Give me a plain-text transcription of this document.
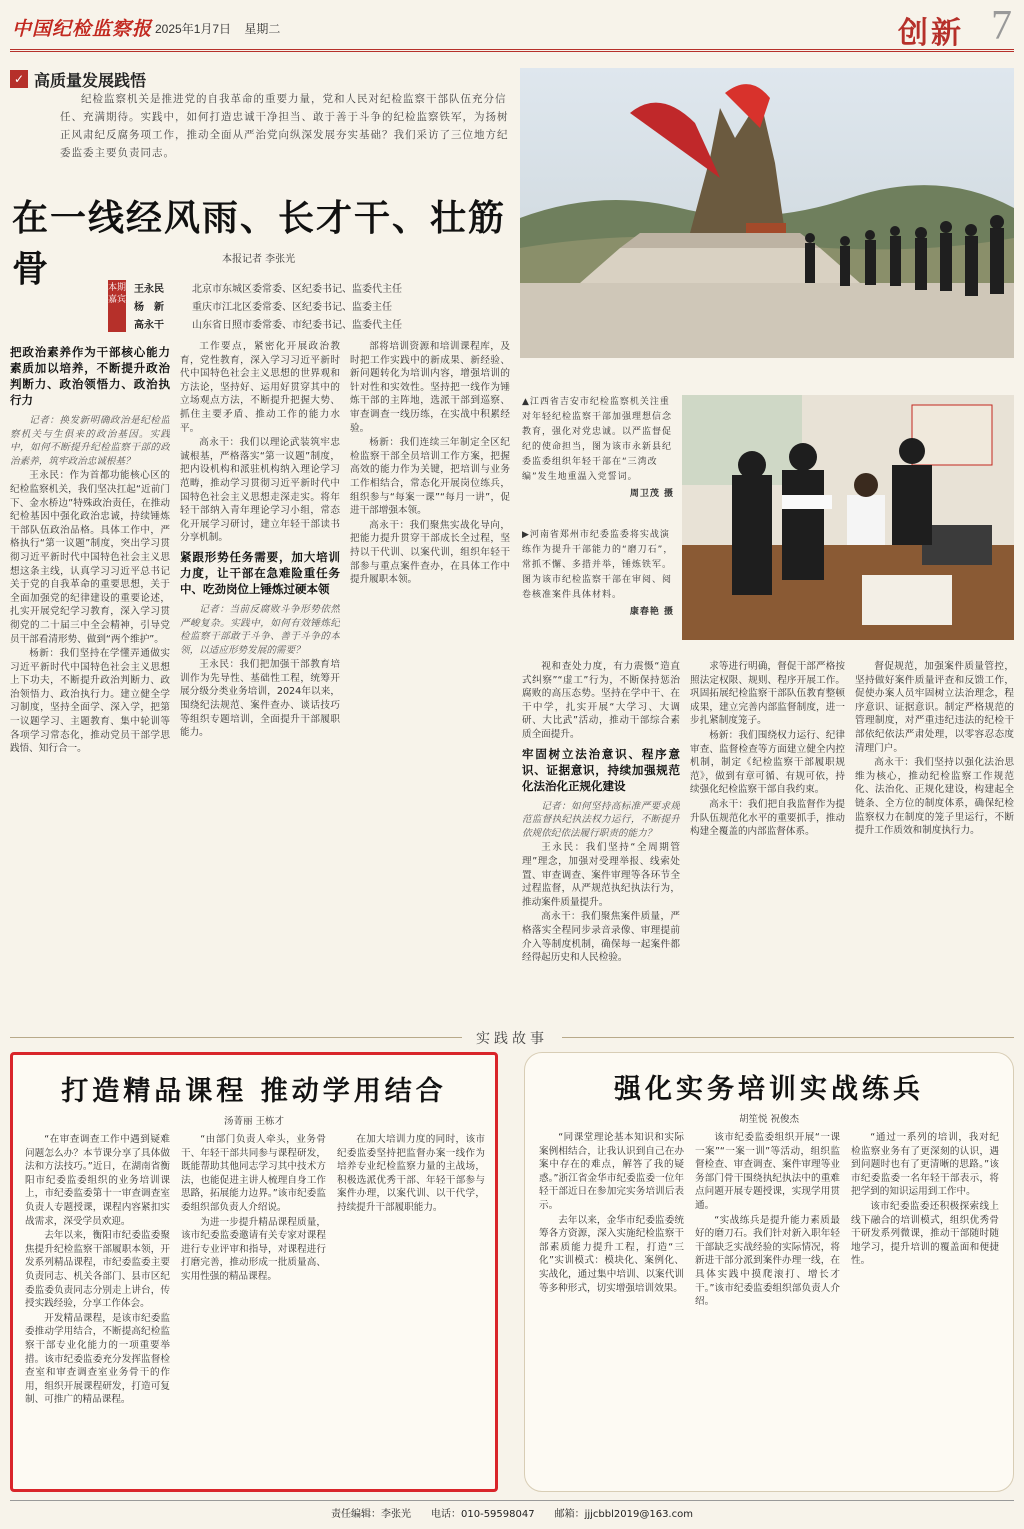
中国纪检监察报 2025年1月7日 星期二	创新 7
✓ 高质量发展践悟
纪检监察机关是推进党的自我革命的重要力量，党和人民对纪检监察干部队伍充分信任、充满期待。实践中，如何打造忠诚干净担当、敢于善于斗争的纪检监察铁军，为扬树正风肃纪反腐务项工作，推动全面从严治党向纵深发展夯实基础？我们采访了三位地方纪委监委主要负责同志。
在一线经风雨、长才干、壮筋骨	本报记者 李张光
本期嘉宾
王永民	北京市东城区委常委、区纪委书记、监委代主任
杨　新	重庆市江北区委常委、区纪委书记、监委主任
高永干	山东省日照市委常委、市纪委书记、监委代主任
▲江西省吉安市纪检监察机关注重对年轻纪检监察干部加强理想信念教育，强化对党忠诚。以严监督促纪的使命担当，图为该市永新县纪委监委组织年轻干部在“三湾改编”发生地重温入党誓词。
周卫茂 摄
▶河南省郑州市纪委监委将实战演练作为提升干部能力的“磨刀石”，常抓不懈、多措并举，锤炼铁军。图为该市纪检监察干部在审阅、阅卷核准案件具体材料。
康春艳 摄
把政治素养作为干部核心能力素质加以培养，不断提升政治判断力、政治领悟力、政治执行力

记者：换发新明确政治是纪检监察机关与生俱来的政治基因。实践中，如何不断提升纪检监察干部的政治素养，筑牢政治忠诚根基？

王永民：作为首都功能核心区的纪检监察机关，我们坚决扛起“近前门下、金水桥边”特殊政治责任，在推动纪检基因中强化政治忠诚，持续锤炼干部队伍政治品格。具体工作中，严格执行“第一议题”制度，突出学习贯彻习近平新时代中国特色社会主义思想这条主线，认真学习习近平总书记关于党的自我革命的重要思想，关于全面加强党的纪律建设的重要论述，扎实开展党纪学习教育，深入学习贯彻党的二十届三中全会精神，引导党员干部看清形势、做到“两个维护”。

杨新：我们坚持在学懂弄通做实习近平新时代中国特色社会主义思想上下功夫，不断提升政治判断力、政治领悟力、政治执行力。建立健全学习制度，坚持全面学、深入学，把第一议题学习、主题教育、集中轮训等各项学习常态化，推动党员干部学思践悟、知行合一。

工作要点，紧密化开展政治教育，党性教育，深入学习习近平新时代中国特色社会主义思想的世界观和方法论，坚持好、运用好贯穿其中的立场观点方法，不断提升把握大势、抓住主要矛盾、推动工作的能力水平。

高永干：我们以理论武装筑牢忠诚根基，严格落实“第一议题”制度，把内设机构和派驻机构纳入理论学习范畴，推动学习贯彻习近平新时代中国特色社会主义思想走深走实。将年轻干部纳入青年理论学习小组，常态化开展学习研讨，建立年轻干部读书分享机制。

紧跟形势任务需要，加大培训力度，让干部在急难险重任务中、吃劲岗位上锤炼过硬本领

记者：当前反腐败斗争形势依然严峻复杂。实践中，如何有效锤炼纪检监察干部敢于斗争、善于斗争的本领，以适应形势发展的需要？

王永民：我们把加强干部教育培训作为先导性、基础性工程，统筹开展分级分类业务培训，2024年以来，围绕纪法规范、案件查办、谈话技巧等组织专题培训，全面提升干部履职能力。

部将培训资源和培训课程库，及时把工作实践中的新成果、新经验、新问题转化为培训内容，增强培训的针对性和实效性。坚持把一线作为锤炼干部的主阵地，选派干部到巡察、审查调查一线历练，在实战中积累经验。

杨新：我们连续三年制定全区纪检监察干部全员培训工作方案，把握高效的能力作为关键，把培训与业务工作相结合，常态化开展岗位练兵，组织参与“每案一课”“每月一讲”，促进干部增强本领。

高永干：我们聚焦实战化导向，把能力提升贯穿干部成长全过程，坚持以干代训、以案代训，组织年轻干部参与重点案件查办，在具体工作中提升履职本领。

视和查处力度，有力震慑“造直式纠察”“虚工”行为，不断保持惩治腐败的高压态势。坚持在学中干、在干中学，扎实开展“大学习、大调研、大比武”活动，推动干部综合素质全面提升。

牢固树立法治意识、程序意识、证据意识，持续加强规范化法治化正规化建设

记者：如何坚持高标准严要求规范监督执纪执法权力运行，不断提升依规依纪依法履行职责的能力？

王永民：我们坚持“全周期管理”理念，加强对受理举报、线索处置、审查调查、案件审理等各环节全过程监督，从严规范执纪执法行为，推动案件质量提升。

高永干：我们聚焦案件质量，严格落实全程同步录音录像、审理提前介入等制度机制，确保每一起案件都经得起历史和人民检验。

求等进行明确，督促干部严格按照法定权限、规则、程序开展工作。巩固拓展纪检监察干部队伍教育整顿成果，建立完善内部监督制度，进一步扎紧制度笼子。

杨新：我们围绕权力运行、纪律审查、监督检查等方面建立健全内控机制，制定《纪检监察干部履职规范》，做到有章可循、有规可依，持续强化纪检监察干部自我约束。

高永干：我们把自我监督作为提升队伍规范化水平的重要抓手，推动构建全覆盖的内部监督体系。

督促规范，加强案件质量管控，坚持做好案件质量评查和反馈工作，促使办案人员牢固树立法治理念，程序意识、证据意识。制定严格规范的管理制度，对严重违纪违法的纪检干部依纪依法严肃处理，以零容忍态度清理门户。

高永干：我们坚持以强化法治思维为核心，推动纪检监察工作规范化、法治化、正规化建设，构建起全链条、全方位的制度体系，确保纪检监察权力在制度的笼子里运行，不断提升工作质效和制度执行力。

实践故事
打造精品课程 推动学用结合
汤菁丽 王栋才

“在审查调查工作中遇到疑难问题怎么办？本节课分享了具体做法和方法技巧。”近日，在湖南省衡阳市纪委监委组织的业务培训课上，市纪委监委第十一审查调查室负责人专题授课，课程内容紧扣实战需求，深受学员欢迎。

去年以来，衡阳市纪委监委聚焦提升纪检监察干部履职本领，开发系列精品课程，市纪委监委主要负责同志、机关各部门、县市区纪委监委负责同志分别走上讲台，传授实践经验，分享工作体会。

开发精品课程，是该市纪委监委推动学用结合，不断提高纪检监察干部专业化能力的一项重要举措。该市纪委监委充分发挥监督检查室和审查调查室业务骨干的作用，组织开展课程研发，打造可复制、可推广的精品课程。

“由部门负责人牵头，业务骨干、年轻干部共同参与课程研发，既能帮助其他同志学习其中技术方法，也能促进主讲人梳理自身工作思路，拓展能力边界。”该市纪委监委组织部负责人介绍说。

为进一步提升精品课程质量，该市纪委监委邀请有关专家对课程进行专业评审和指导，对课程进行打磨完善，推动形成一批质量高、实用性强的精品课程。

在加大培训力度的同时，该市纪委监委坚持把监督办案一线作为培养专业纪检监察力量的主战场，积极选派优秀干部、年轻干部参与案件办理，以案代训、以干代学，持续提升干部履职能力。

强化实务培训实战练兵
胡笙悦 祝俊杰

“同课堂理论基本知识和实际案例相结合，让我认识到自己在办案中存在的难点，解答了我的疑惑。”浙江省金华市纪委监委一位年轻干部近日在参加完实务培训后表示。

去年以来，金华市纪委监委统筹各方资源，深入实施纪检监察干部素质能力提升工程，打造“三化”实训模式：模块化、案例化、实战化，通过集中培训、以案代训等多种形式，切实增强培训效果。

该市纪委监委组织开展“一课一案”“一案一训”等活动，组织监督检查、审查调查、案件审理等业务部门骨干围绕执纪执法中的重难点问题开展专题授课，实现学用贯通。

“实战练兵是提升能力素质最好的磨刀石。我们针对新入职年轻干部缺乏实战经验的实际情况，将新进干部分派到案件办理一线，在具体实践中摸爬滚打、增长才干。”该市纪委监委组织部负责人介绍。

“通过一系列的培训，我对纪检监察业务有了更深刻的认识，遇到问题时也有了更清晰的思路。”该市纪委监委一名年轻干部表示，将把学到的知识运用到工作中。

该市纪委监委还积极探索线上线下融合的培训模式，组织优秀骨干研发系列微课，推动干部随时随地学习，提升培训的覆盖面和便捷性。

责任编辑：李张光 电话：010-59598047 邮箱：jjjcbbl2019@163.com
